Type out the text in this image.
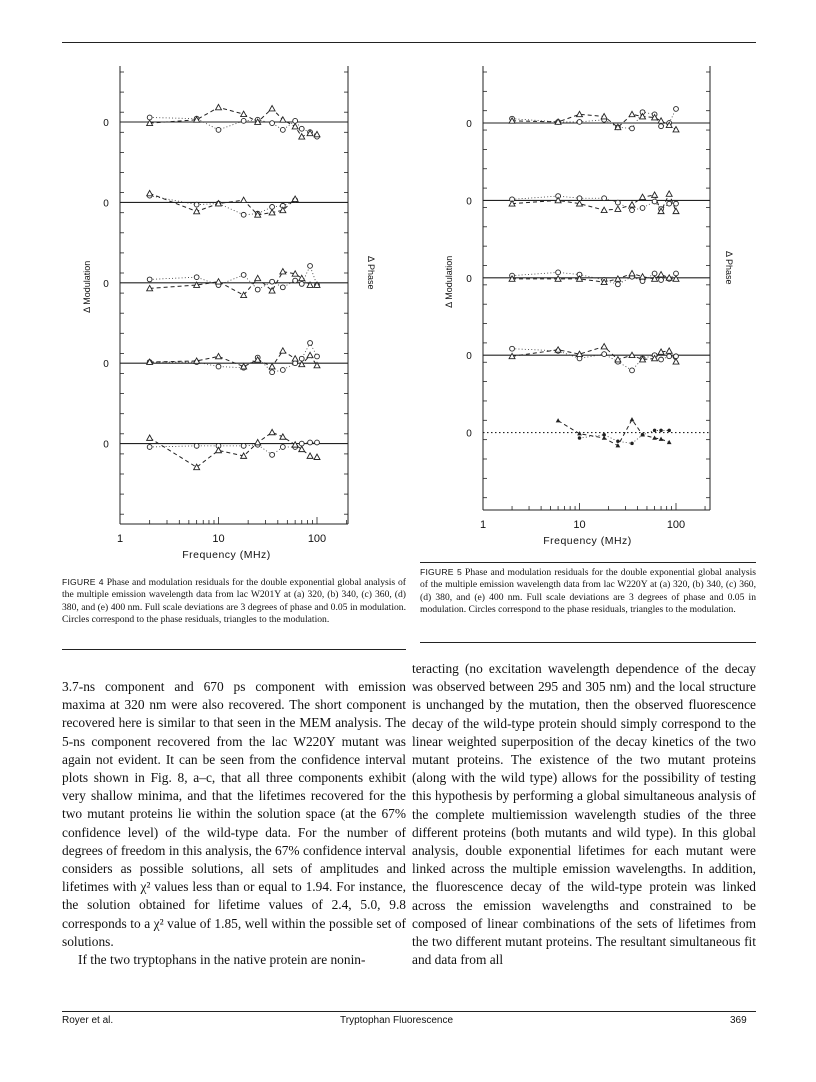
1	10	100
Frequency (MHz)
Δ Modulation	Δ Phase
0
0
0
0
0
1	10	100
Frequency (MHz)
Δ Modulation	Δ Phase
0
0
0
0
0
FIGURE 4 Phase and modulation residuals for the double exponential global analysis of the multiple emission wavelength data from lac W201Y at (a) 320, (b) 340, (c) 360, (d) 380, and (e) 400 nm. Full scale deviations are 3 degrees of phase and 0.05 in modulation. Circles correspond to the phase residuals, triangles to the modulation.
FIGURE 5 Phase and modulation residuals for the double exponential global analysis of the multiple emission wavelength data from lac W220Y at (a) 320, (b) 340, (c) 360, (d) 380, and (e) 400 nm. Full scale deviations are 3 degrees of phase and 0.05 in modulation. Circles correspond to the phase residuals, triangles to the modulation.

3.7-ns component and 670 ps component with emission maxima at 320 nm were also recovered. The short component recovered here is similar to that seen in the MEM analysis. The 5-ns component recovered from the lac W220Y mutant was again not evident. It can be seen from the confidence interval plots shown in Fig. 8, a–c, that all three components exhibit very shallow minima, and that the lifetimes recovered for the two mutant proteins lie within the solution space (at the 67% confidence level) of the wild-type data. For the number of degrees of freedom in this analysis, the 67% confidence interval considers as possible solutions, all sets of amplitudes and lifetimes with χ² values less than or equal to 1.94. For instance, the solution obtained for lifetime values of 2.4, 5.0, 9.8 corresponds to a χ² value of 1.85, well within the possible set of solutions.

If the two tryptophans in the native protein are nonin-

teracting (no excitation wavelength dependence of the decay was observed between 295 and 305 nm) and the local structure is unchanged by the mutation, then the observed fluorescence decay of the wild-type protein should simply correspond to the linear weighted superposition of the decay kinetics of the two mutant proteins. The existence of the two mutant proteins (along with the wild type) allows for the possibility of testing this hypothesis by performing a global simultaneous analysis of the complete multiemission wavelength studies of the three different proteins (both mutants and wild type). In this global analysis, double exponential lifetimes for each mutant were linked across the multiple emission wavelengths. In addition, the fluorescence decay of the wild-type protein was linked across the emission wavelengths and constrained to be composed of linear combinations of the sets of lifetimes from the two different mutant proteins. The resultant simultaneous fit and data from all

Royer et al.	Tryptophan Fluorescence	369
